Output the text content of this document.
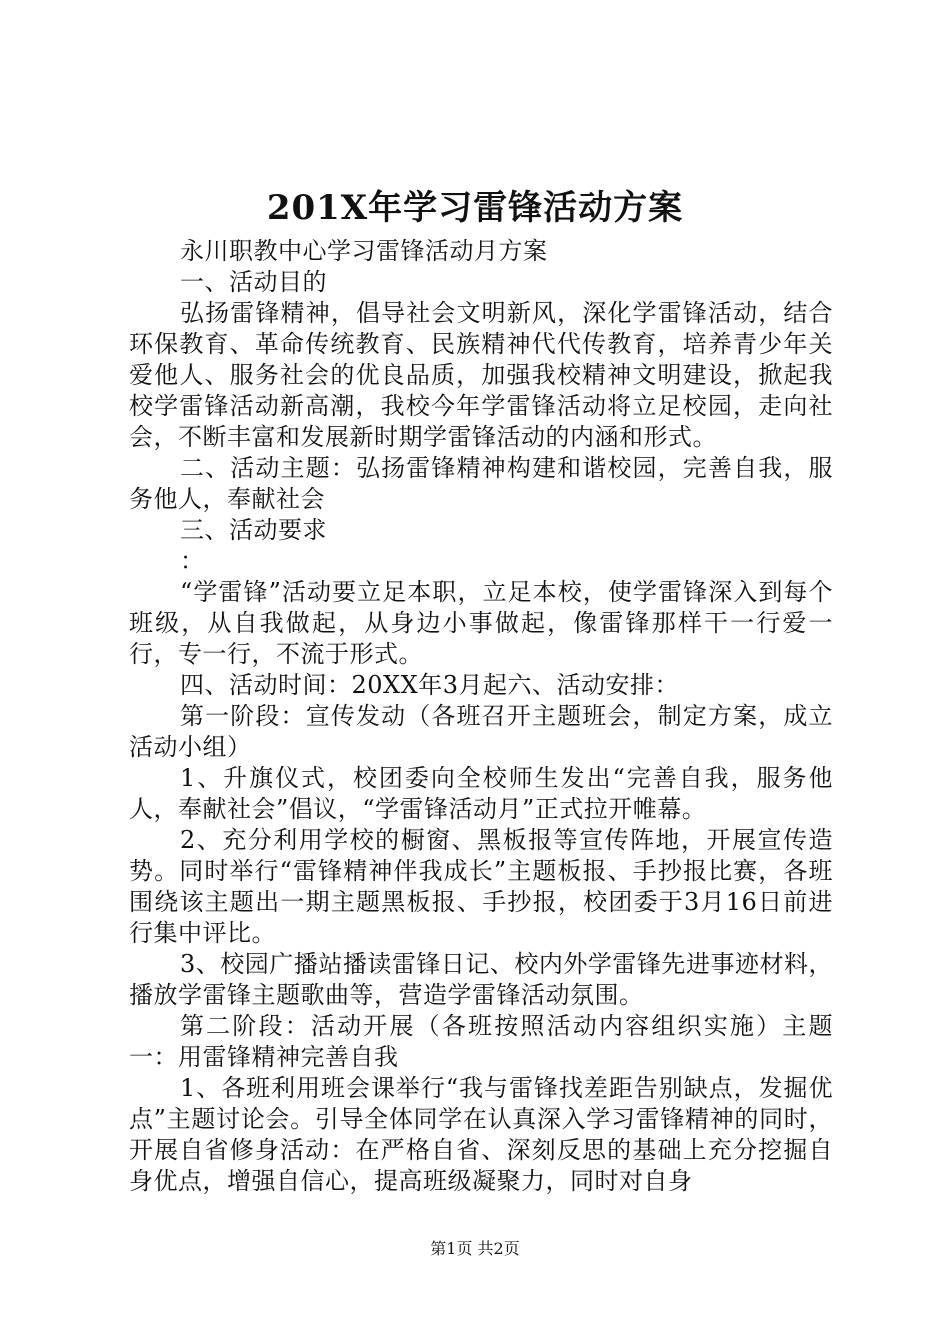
201X年学习雷锋活动方案

永川职教中心学习雷锋活动月方案

一、活动目的

弘扬雷锋精神，倡导社会文明新风，深化学雷锋活动，结合环保教育、革命传统教育、民族精神代代传教育，培养青少年关爱他人、服务社会的优良品质，加强我校精神文明建设，掀起我校学雷锋活动新高潮，我校今年学雷锋活动将立足校园，走向社会，不断丰富和发展新时期学雷锋活动的内涵和形式。

二、活动主题：弘扬雷锋精神构建和谐校园，完善自我，服务他人，奉献社会

三、活动要求

：

“学雷锋”活动要立足本职，立足本校，使学雷锋深入到每个班级，从自我做起，从身边小事做起，像雷锋那样干一行爱一行，专一行，不流于形式。

四、活动时间：20XX年3月起六、活动安排：

第一阶段：宣传发动（各班召开主题班会，制定方案，成立活动小组）

1、升旗仪式，校团委向全校师生发出“完善自我，服务他人，奉献社会”倡议，“学雷锋活动月”正式拉开帷幕。

2、充分利用学校的橱窗、黑板报等宣传阵地，开展宣传造势。同时举行“雷锋精神伴我成长”主题板报、手抄报比赛，各班围绕该主题出一期主题黑板报、手抄报，校团委于3月16日前进行集中评比。

3、校园广播站播读雷锋日记、校内外学雷锋先进事迹材料，播放学雷锋主题歌曲等，营造学雷锋活动氛围。

第二阶段：活动开展（各班按照活动内容组织实施）主题一：用雷锋精神完善自我

1、各班利用班会课举行“我与雷锋找差距告别缺点，发掘优点”主题讨论会。引导全体同学在认真深入学习雷锋精神的同时，开展自省修身活动：在严格自省、深刻反思的基础上充分挖掘自身优点，增强自信心，提高班级凝聚力，同时对自身

第1页 共2页
